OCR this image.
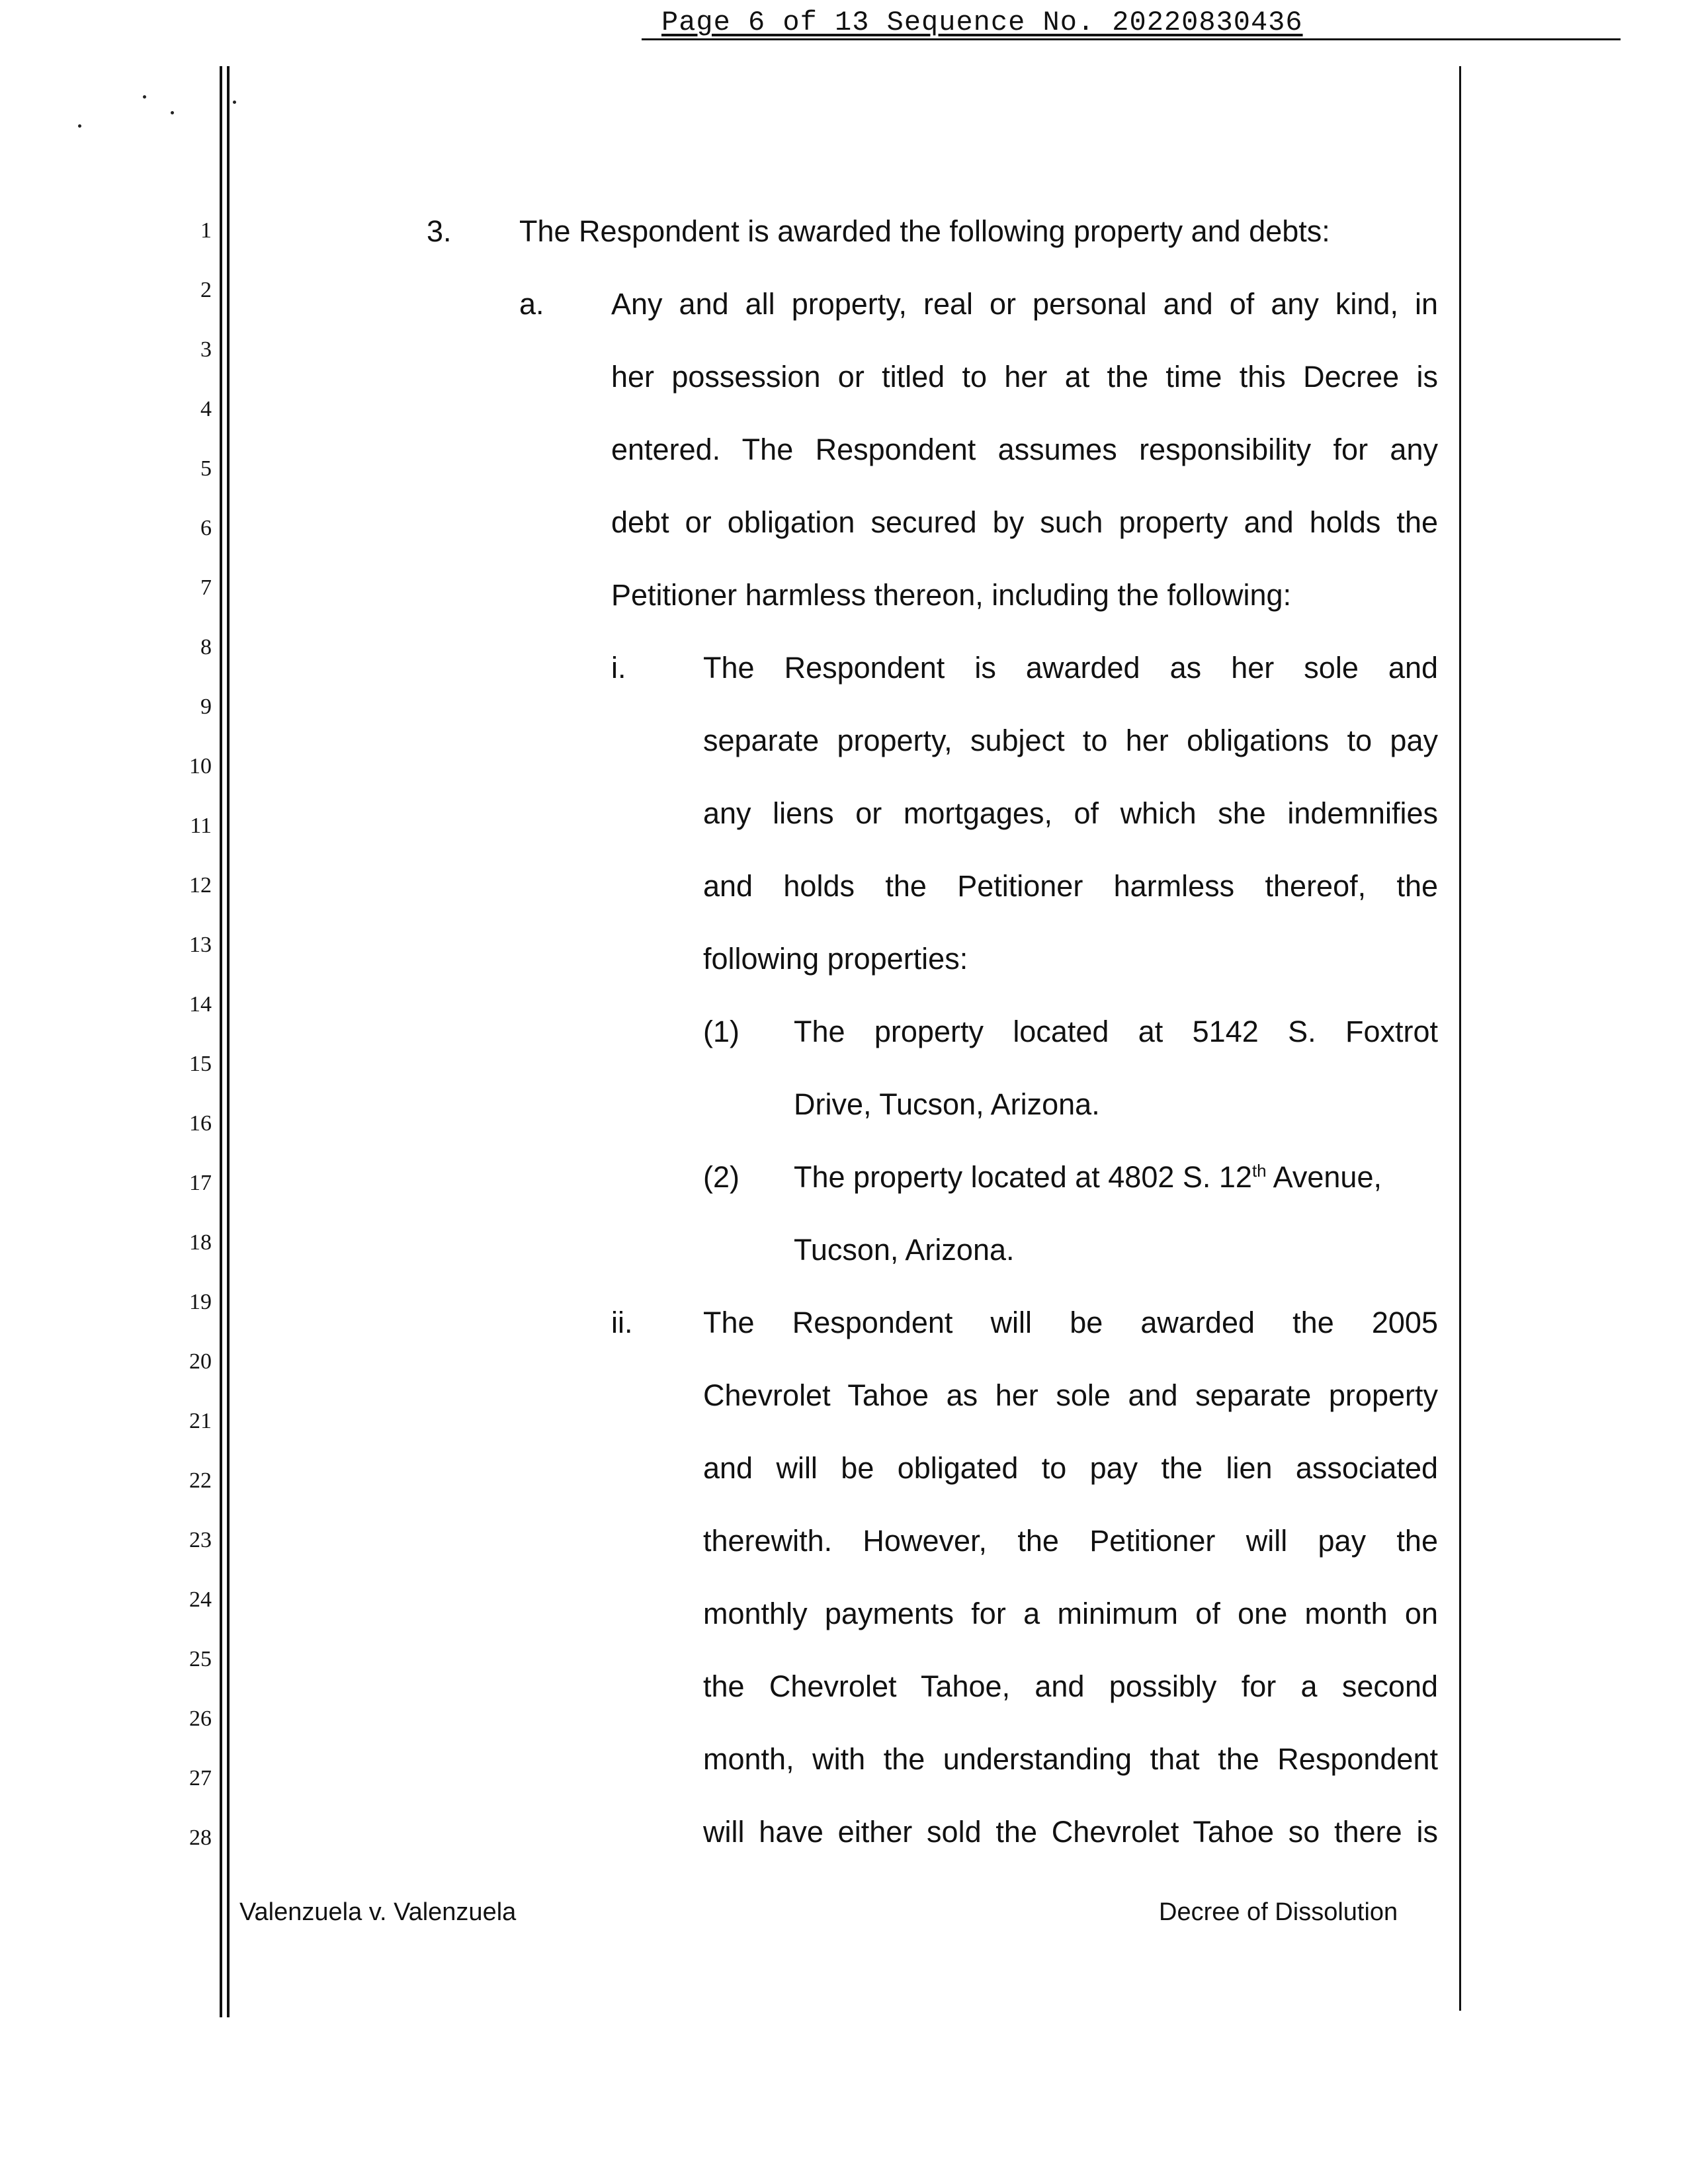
Page 6 of 13 Sequence No. 20220830436
1
2
3
4
5
6
7
8
9
10
11
12
13
14
15
16
17
18
19
20
21
22
23
24
25
26
27
28
3. The Respondent is awarded the following property and debts:
a. Any and all property, real or personal and of any kind, in
her possession or titled to her at the time this Decree is
entered. The Respondent assumes responsibility for any
debt or obligation secured by such property and holds the
Petitioner harmless thereon, including the following:
i.	The Respondent is awarded as her sole and
separate property, subject to her obligations to pay
any liens or mortgages, of which she indemnifies
and holds the Petitioner harmless thereof, the
following properties:
(1) The property located at 5142 S. Foxtrot
Drive, Tucson, Arizona.
(2) The property located at 4802 S. 12th Avenue,
Tucson, Arizona.
ii. The Respondent will be awarded the 2005
Chevrolet Tahoe as her sole and separate property
and will be obligated to pay the lien associated
therewith. However, the Petitioner will pay the
monthly payments for a minimum of one month on
the Chevrolet Tahoe, and possibly for a second
month, with the understanding that the Respondent
will have either sold the Chevrolet Tahoe so there is
Valenzuela v. Valenzuela	Decree of Dissolution
